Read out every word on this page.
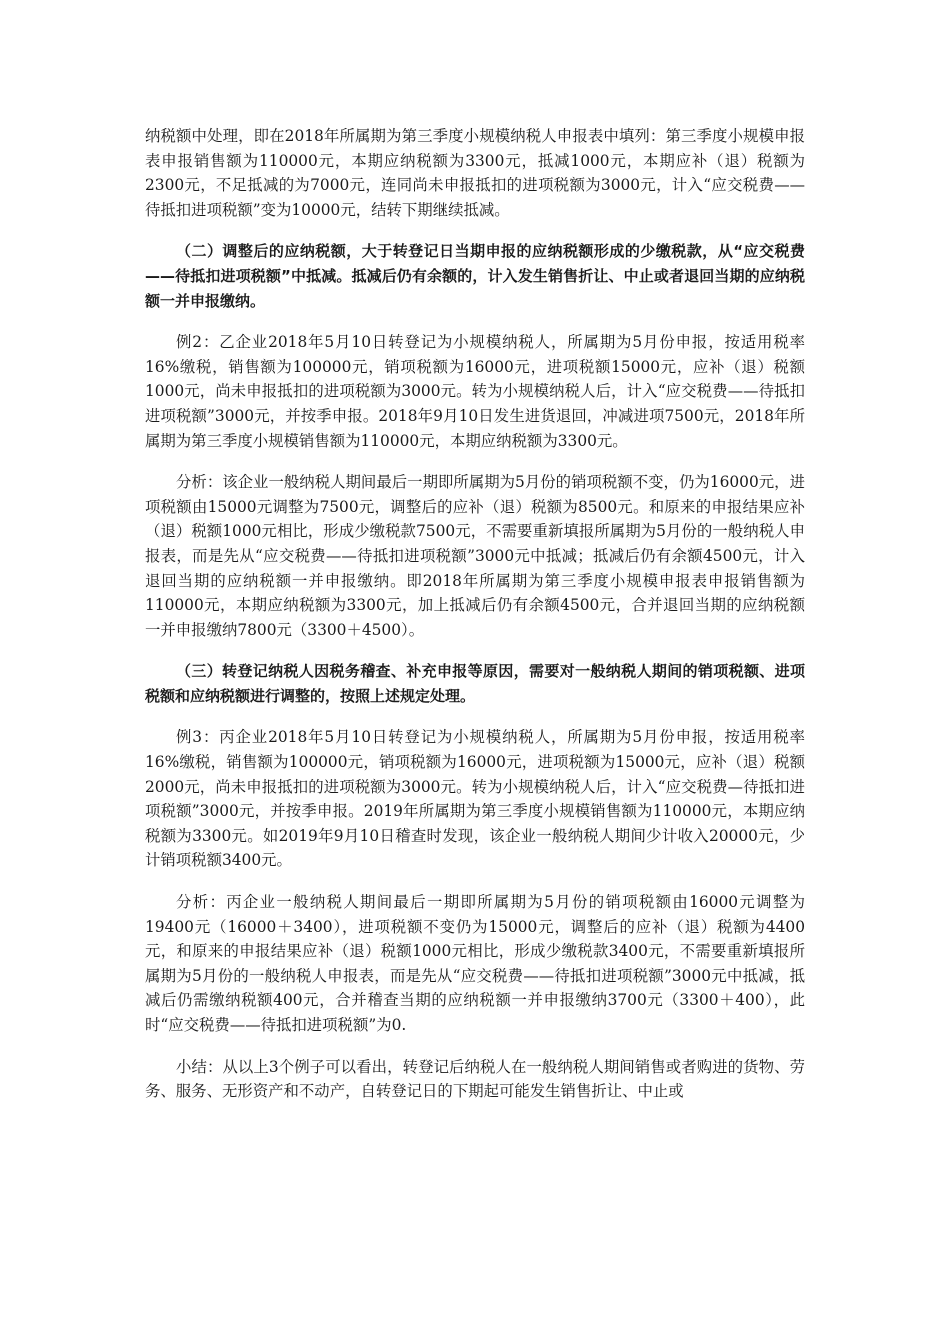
纳税额中处理，即在2018年所属期为第三季度小规模纳税人申报表中填列：第三季度小规模申报表申报销售额为110000元，本期应纳税额为3300元，抵减1000元，本期应补（退）税额为2300元，不足抵减的为7000元，连同尚未申报抵扣的进项税额为3000元，计入“应交税费——待抵扣进项税额”变为10000元，结转下期继续抵减。

（二）调整后的应纳税额，大于转登记日当期申报的应纳税额形成的少缴税款，从“应交税费——待抵扣进项税额”中抵减。抵减后仍有余额的，计入发生销售折让、中止或者退回当期的应纳税额一并申报缴纳。

例2：乙企业2018年5月10日转登记为小规模纳税人，所属期为5月份申报，按适用税率16%缴税，销售额为100000元，销项税额为16000元，进项税额15000元，应补（退）税额1000元，尚未申报抵扣的进项税额为3000元。转为小规模纳税人后，计入“应交税费——待抵扣进项税额”3000元，并按季申报。2018年9月10日发生进货退回，冲减进项7500元，2018年所属期为第三季度小规模销售额为110000元，本期应纳税额为3300元。

分析：该企业一般纳税人期间最后一期即所属期为5月份的销项税额不变，仍为16000元，进项税额由15000元调整为7500元，调整后的应补（退）税额为8500元。和原来的申报结果应补（退）税额1000元相比，形成少缴税款7500元，不需要重新填报所属期为5月份的一般纳税人申报表，而是先从“应交税费——待抵扣进项税额”3000元中抵减；抵减后仍有余额4500元，计入退回当期的应纳税额一并申报缴纳。即2018年所属期为第三季度小规模申报表申报销售额为110000元，本期应纳税额为3300元，加上抵减后仍有余额4500元，合并退回当期的应纳税额一并申报缴纳7800元（3300＋4500）。

（三）转登记纳税人因税务稽查、补充申报等原因，需要对一般纳税人期间的销项税额、进项税额和应纳税额进行调整的，按照上述规定处理。

例3：丙企业2018年5月10日转登记为小规模纳税人，所属期为5月份申报，按适用税率16%缴税，销售额为100000元，销项税额为16000元，进项税额为15000元，应补（退）税额2000元，尚未申报抵扣的进项税额为3000元。转为小规模纳税人后，计入“应交税费—待抵扣进项税额”3000元，并按季申报。2019年所属期为第三季度小规模销售额为110000元，本期应纳税额为3300元。如2019年9月10日稽查时发现，该企业一般纳税人期间少计收入20000元，少计销项税额3400元。

分析：丙企业一般纳税人期间最后一期即所属期为5月份的销项税额由16000元调整为19400元（16000＋3400），进项税额不变仍为15000元，调整后的应补（退）税额为4400元，和原来的申报结果应补（退）税额1000元相比，形成少缴税款3400元，不需要重新填报所属期为5月份的一般纳税人申报表，而是先从“应交税费——待抵扣进项税额”3000元中抵减，抵减后仍需缴纳税额400元，合并稽查当期的应纳税额一并申报缴纳3700元（3300＋400），此时“应交税费——待抵扣进项税额”为0.

小结：从以上3个例子可以看出，转登记后纳税人在一般纳税人期间销售或者购进的货物、劳务、服务、无形资产和不动产，自转登记日的下期起可能发生销售折让、中止或
